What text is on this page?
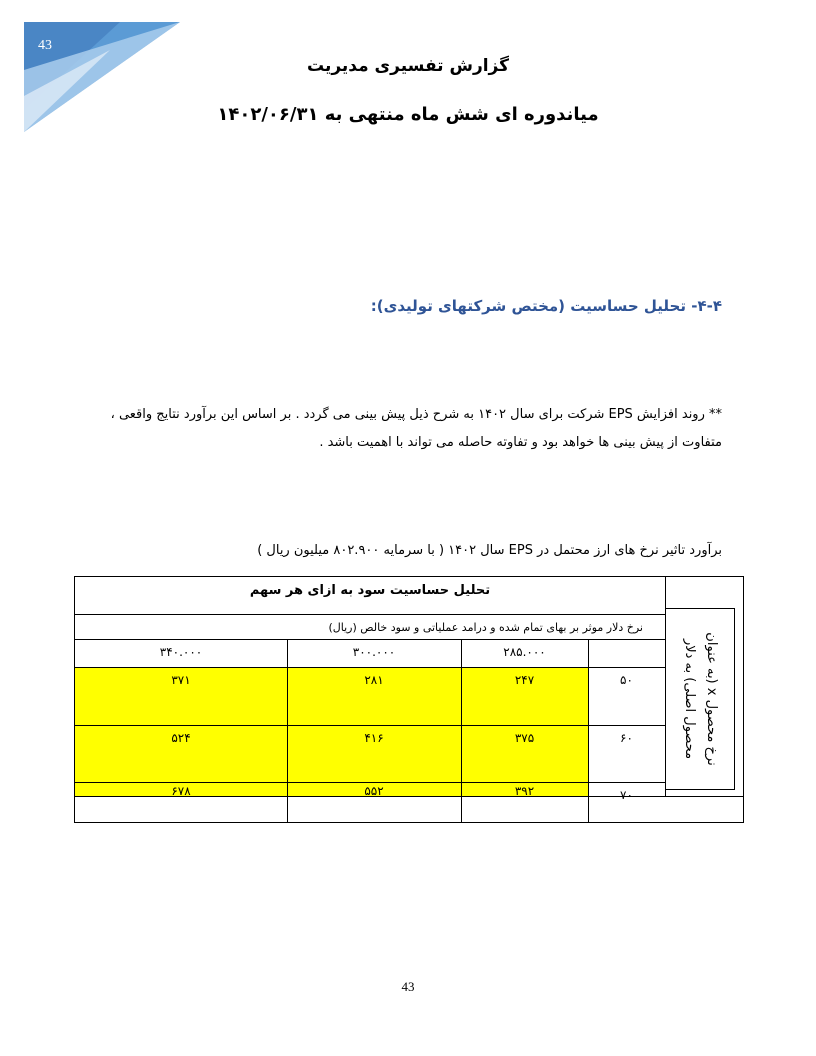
43
گزارش تفسیری مدیریت
میاندوره ای شش ماه منتهی به ۱۴۰۲/۰۶/۳۱
۴-۴- تحلیل حساسیت (مختص شرکتهای تولیدی):
** روند افزایش EPS شرکت برای سال ۱۴۰۲ به شرح ذیل پیش بینی می گردد . بر اساس این برآورد نتایج واقعی ،
متفاوت از پیش بینی ها خواهد بود و تفاوته حاصله می تواند با اهمیت باشد .
برآورد تاثیر نرخ های ارز محتمل در EPS سال ۱۴۰۲ ( با سرمایه ۸۰۲.۹۰۰ میلیون ریال )
تحلیل حساسیت سود به ازای هر سهم
نرخ دلار موثر بر بهای تمام شده و درامد عملیاتی و سود خالص (ریال)
۲۸۵.۰۰۰
۳۰۰.۰۰۰
۳۴۰.۰۰۰
۵۰
۲۴۷
۲۸۱
۳۷۱
۶۰
۳۷۵
۴۱۶
۵۲۴
۷۰
۳۹۲
۵۵۲
۶۷۸
نرخ محصول x (به عنوان
محصول اصلی) به دلار
43
